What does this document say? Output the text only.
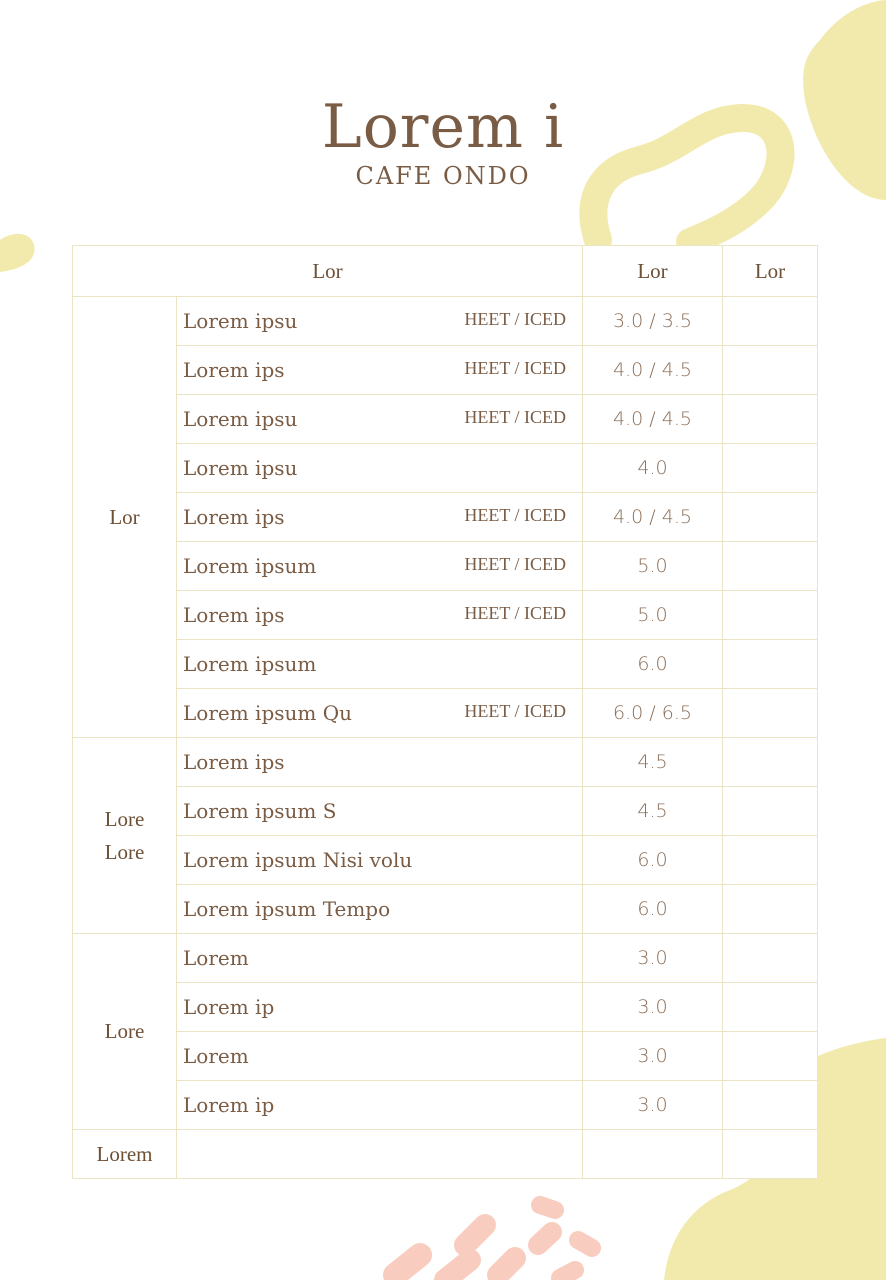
Lorem i
CAFE ONDO
Lor		Lor	Lor
Lor	Lorem ipsu HEET / ICED	3.0 / 3.5	
	Lorem ips HEET / ICED	4.0 / 4.5	
	Lorem ipsu HEET / ICED	4.0 / 4.5	
	Lorem ipsu	4.0	
	Lorem ips HEET / ICED	4.0 / 4.5	
	Lorem ipsum HEET / ICED	5.0	
	Lorem ips HEET / ICED	5.0	
	Lorem ipsum	6.0	
	Lorem ipsum Qu HEET / ICED	6.0 / 6.5	
Lore
Lore	Lorem ips	4.5	
	Lorem ipsum S	4.5	
	Lorem ipsum Nisi volu	6.0	
	Lorem ipsum Tempo	6.0	
Lore	Lorem	3.0	
	Lorem ip	3.0	
	Lorem	3.0	
	Lorem ip	3.0	
Lorem			
